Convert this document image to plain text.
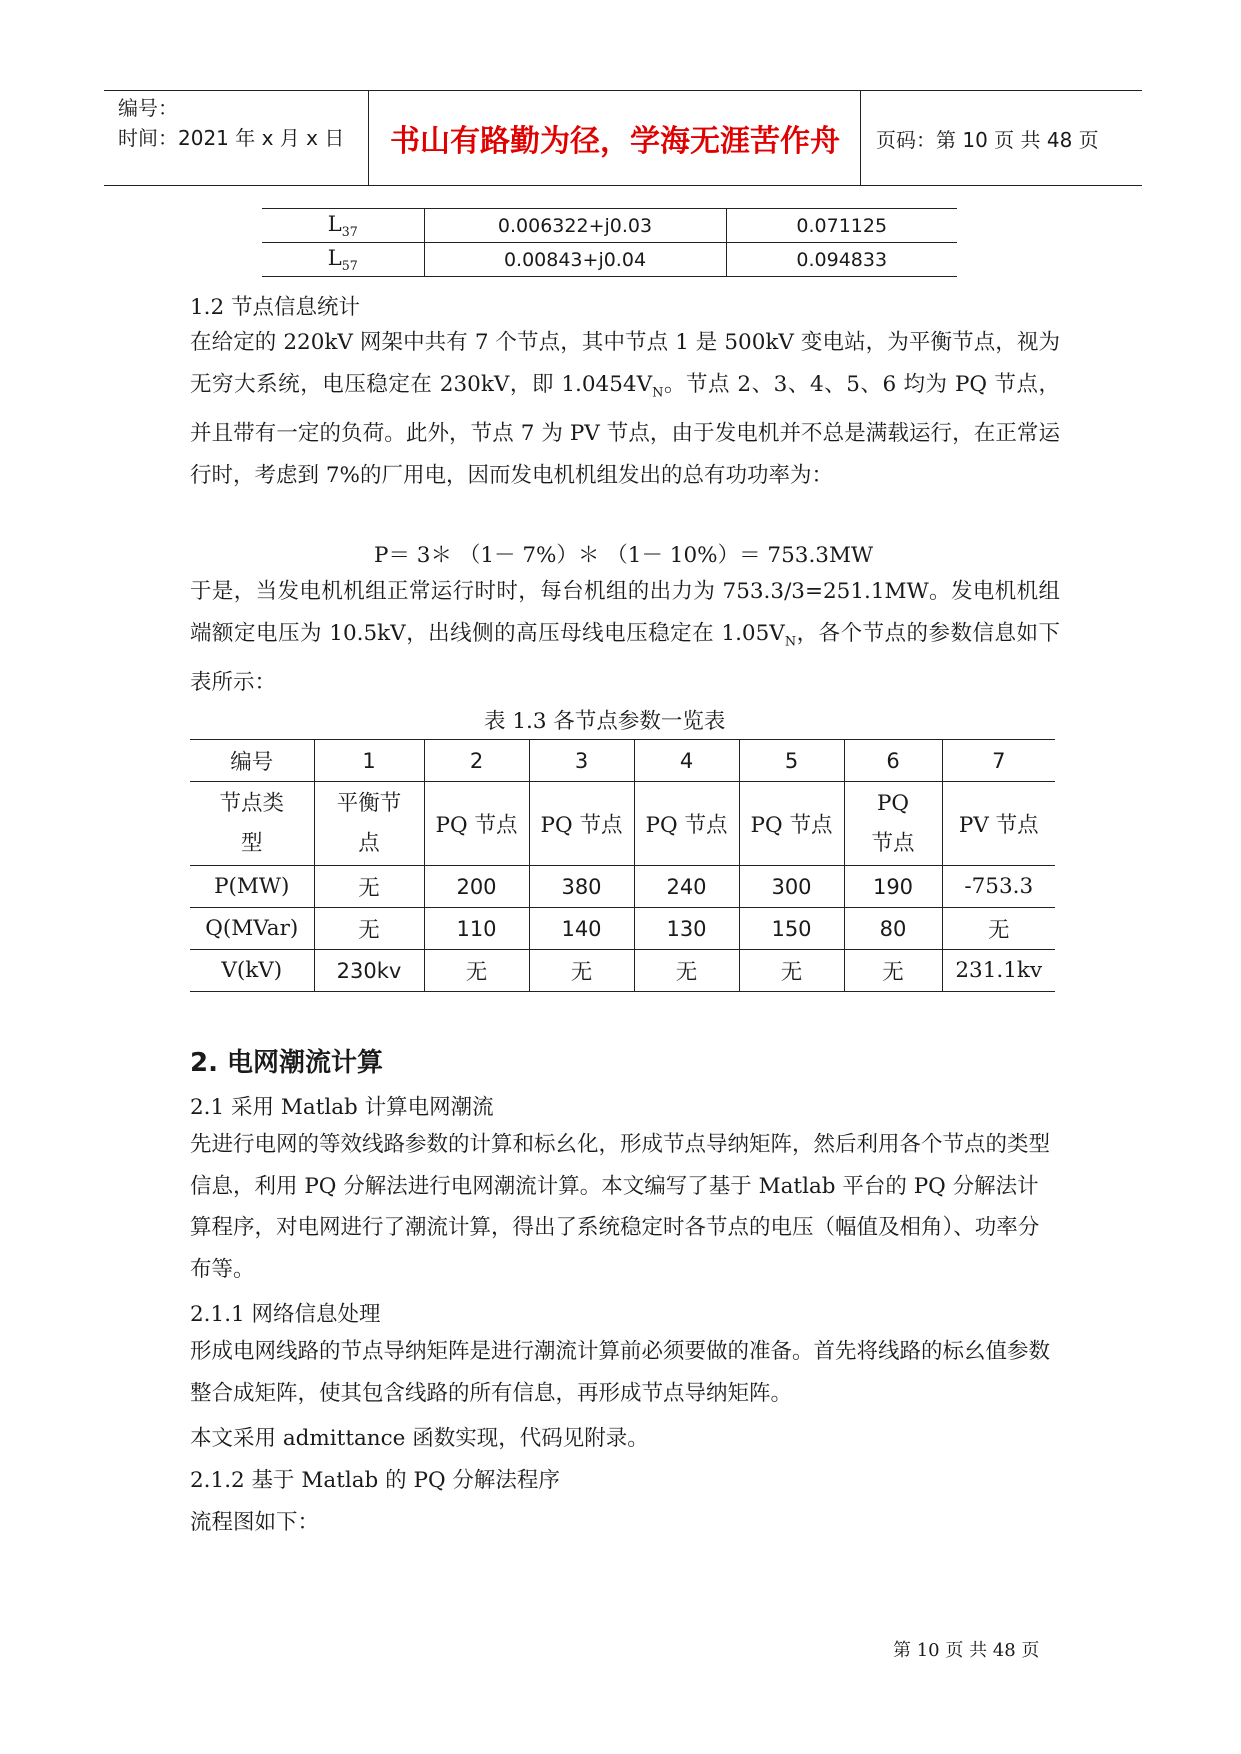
编号：
时间：2021 年 x 月 x 日	书山有路勤为径，学海无涯苦作舟	页码：第 10 页 共 48 页
$L_{37}$	0.006322+j0.03	0.071125
$L_{57}$	0.00843+j0.04	0.094833
1.2 节点信息统计

在给定的 220kV 网架中共有 7 个节点，其中节点 1 是 500kV 变电站，为平衡节点，视为无穷大系统，电压稳定在 230kV，即 $1.0454V_N$。节点 2、3、4、5、6 均为 PQ 节点，并且带有一定的负荷。此外，节点 7 为 PV 节点，由于发电机并不总是满载运行，在正常运行时，考虑到 7%的厂用电，因而发电机机组发出的总有功功率为：

P＝ 3＊ （1－ 7%）＊ （1－ 10%）＝ 753.3MW

于是，当发电机机组正常运行时时，每台机组的出力为 753.3/3=251.1MW。发电机机组端额定电压为 10.5kV，出线侧的高压母线电压稳定在 $1.05V_N$，各个节点的参数信息如下表所示：

表 1.3 各节点参数一览表
编号	1	2	3	4	5	6	7

节点类型	平衡节点	PQ 节点	PQ 节点	PQ 节点	PQ 节点	PQ 节点	PV 节点
P(MW)	无	200	380	240	300	190	-753.3
Q(MVar)	无	110	140	130	150	80	无
V(kV)	230kv	无	无	无	无	无	231.1kv
2. 电网潮流计算
2.1 采用 Matlab 计算电网潮流
先进行电网的等效线路参数的计算和标幺化，形成节点导纳矩阵，然后利用各个节点的类型信息，利用 PQ 分解法进行电网潮流计算。本文编写了基于 Matlab 平台的 PQ 分解法计算程序，对电网进行了潮流计算，得出了系统稳定时各节点的电压（幅值及相角）、功率分布等。
2.1.1 网络信息处理
形成电网线路的节点导纳矩阵是进行潮流计算前必须要做的准备。首先将线路的标幺值参数整合成矩阵，使其包含线路的所有信息，再形成节点导纳矩阵。
本文采用 admittance 函数实现，代码见附录。
2.1.2 基于 Matlab 的 PQ 分解法程序
流程图如下：
第 10 页 共 48 页
